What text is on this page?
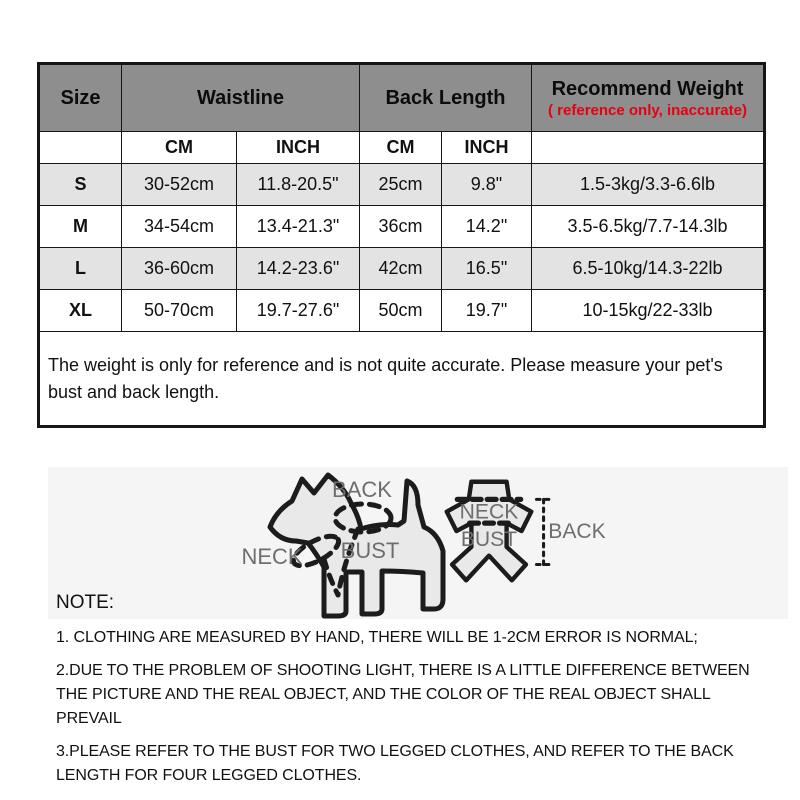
Size	Waistline		Back Length		Recommend Weight
( reference only, inaccurate)

	CM	INCH	CM	INCH	
S	30-52cm	11.8-20.5"	25cm	9.8"	1.5-3kg/3.3-6.6lb
M	34-54cm	13.4-21.3"	36cm	14.2"	3.5-6.5kg/7.7-14.3lb
L	36-60cm	14.2-23.6"	42cm	16.5"	6.5-10kg/14.3-22lb
XL	50-70cm	19.7-27.6"	50cm	19.7"	10-15kg/22-33lb
The weight is only for reference and is not quite accurate. Please measure your pet's bust and back length.					
BACK
NECK BUST
NECK
BUST BACK
NOTE:
1. CLOTHING ARE MEASURED BY HAND, THERE WILL BE 1-2CM ERROR IS NORMAL;
2.DUE TO THE PROBLEM OF SHOOTING LIGHT, THERE IS A LITTLE DIFFERENCE BETWEEN THE PICTURE AND THE REAL OBJECT, AND THE COLOR OF THE REAL OBJECT SHALL PREVAIL
3.PLEASE REFER TO THE BUST FOR TWO LEGGED CLOTHES, AND REFER TO THE BACK LENGTH FOR FOUR LEGGED CLOTHES.
